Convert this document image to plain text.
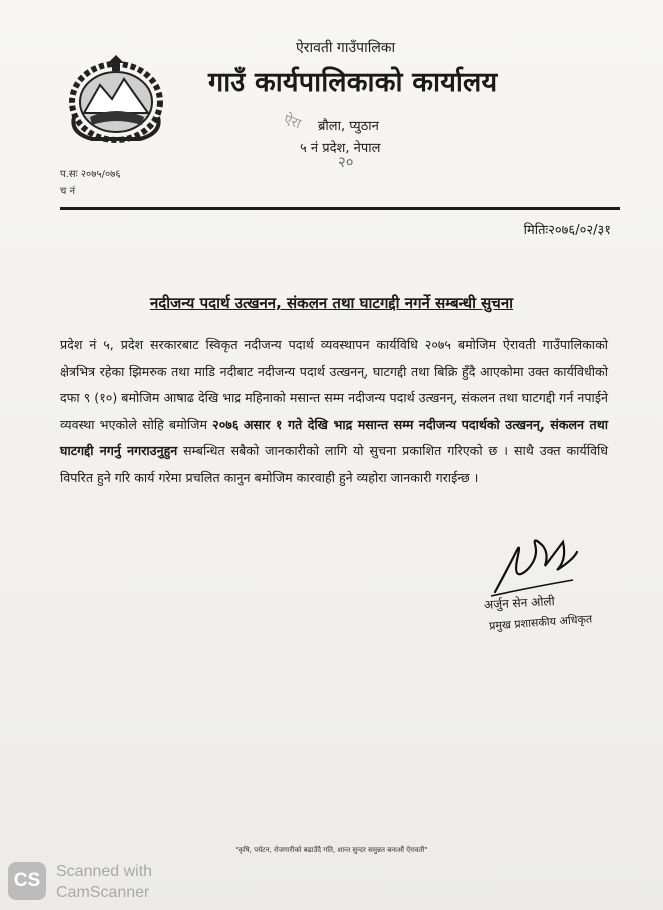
ऐरावती गाउँपालिका
गाउँ कार्यपालिकाको कार्यालय
ब्रौला, प्युठान
५ नं प्रदेश, नेपाल
ऐरा
२०
प.सः २०७५/०७६
च नं
मितिः२०७६/०२/३१
नदीजन्य पदार्थ उत्खनन, संकलन तथा घाटगद्दी नगर्ने सम्बन्धी सुचना
प्रदेश नं ५, प्रदेश सरकारबाट स्विकृत नदीजन्य पदार्थ व्यवस्थापन कार्यविधि २०७५ बमोजिम ऐरावती गाउँपालिकाको क्षेत्रभित्र रहेका झिमरुक तथा माडि नदीबाट नदीजन्य पदार्थ उत्खनन्, घाटगद्दी तथा बिक्रि हुँदै आएकोमा उक्त कार्यविधीको दफा ९ (१०) बमोजिम आषाढ देखि भाद्र महिनाको मसान्त सम्म नदीजन्य पदार्थ उत्खनन्, संकलन तथा घाटगद्दी गर्न नपाईने व्यवस्था भएकोले सोहि बमोजिम २०७६ असार १ गते देखि भाद्र मसान्त सम्म नदीजन्य पदार्थको उत्खनन्, संकलन तथा घाटगद्दी नगर्नु नगराउनुहुन सम्बन्धित सबैको जानकारीको लागि यो सुचना प्रकाशित गरिएको छ । साथै उक्त कार्यविधि विपरित हुने गरि कार्य गरेमा प्रचलित कानुन बमोजिम कारवाही हुने व्यहोरा जानकारी गराईन्छ ।
अर्जुन सेन ओली
प्रमुख प्रशासकीय अधिकृत
"कृषि, पर्यटन, रोजगारीको बढाउँदै गति, शान्त सुन्दर समुन्नत बनाऔं ऐरावती"
CS Scanned with
CamScanner
